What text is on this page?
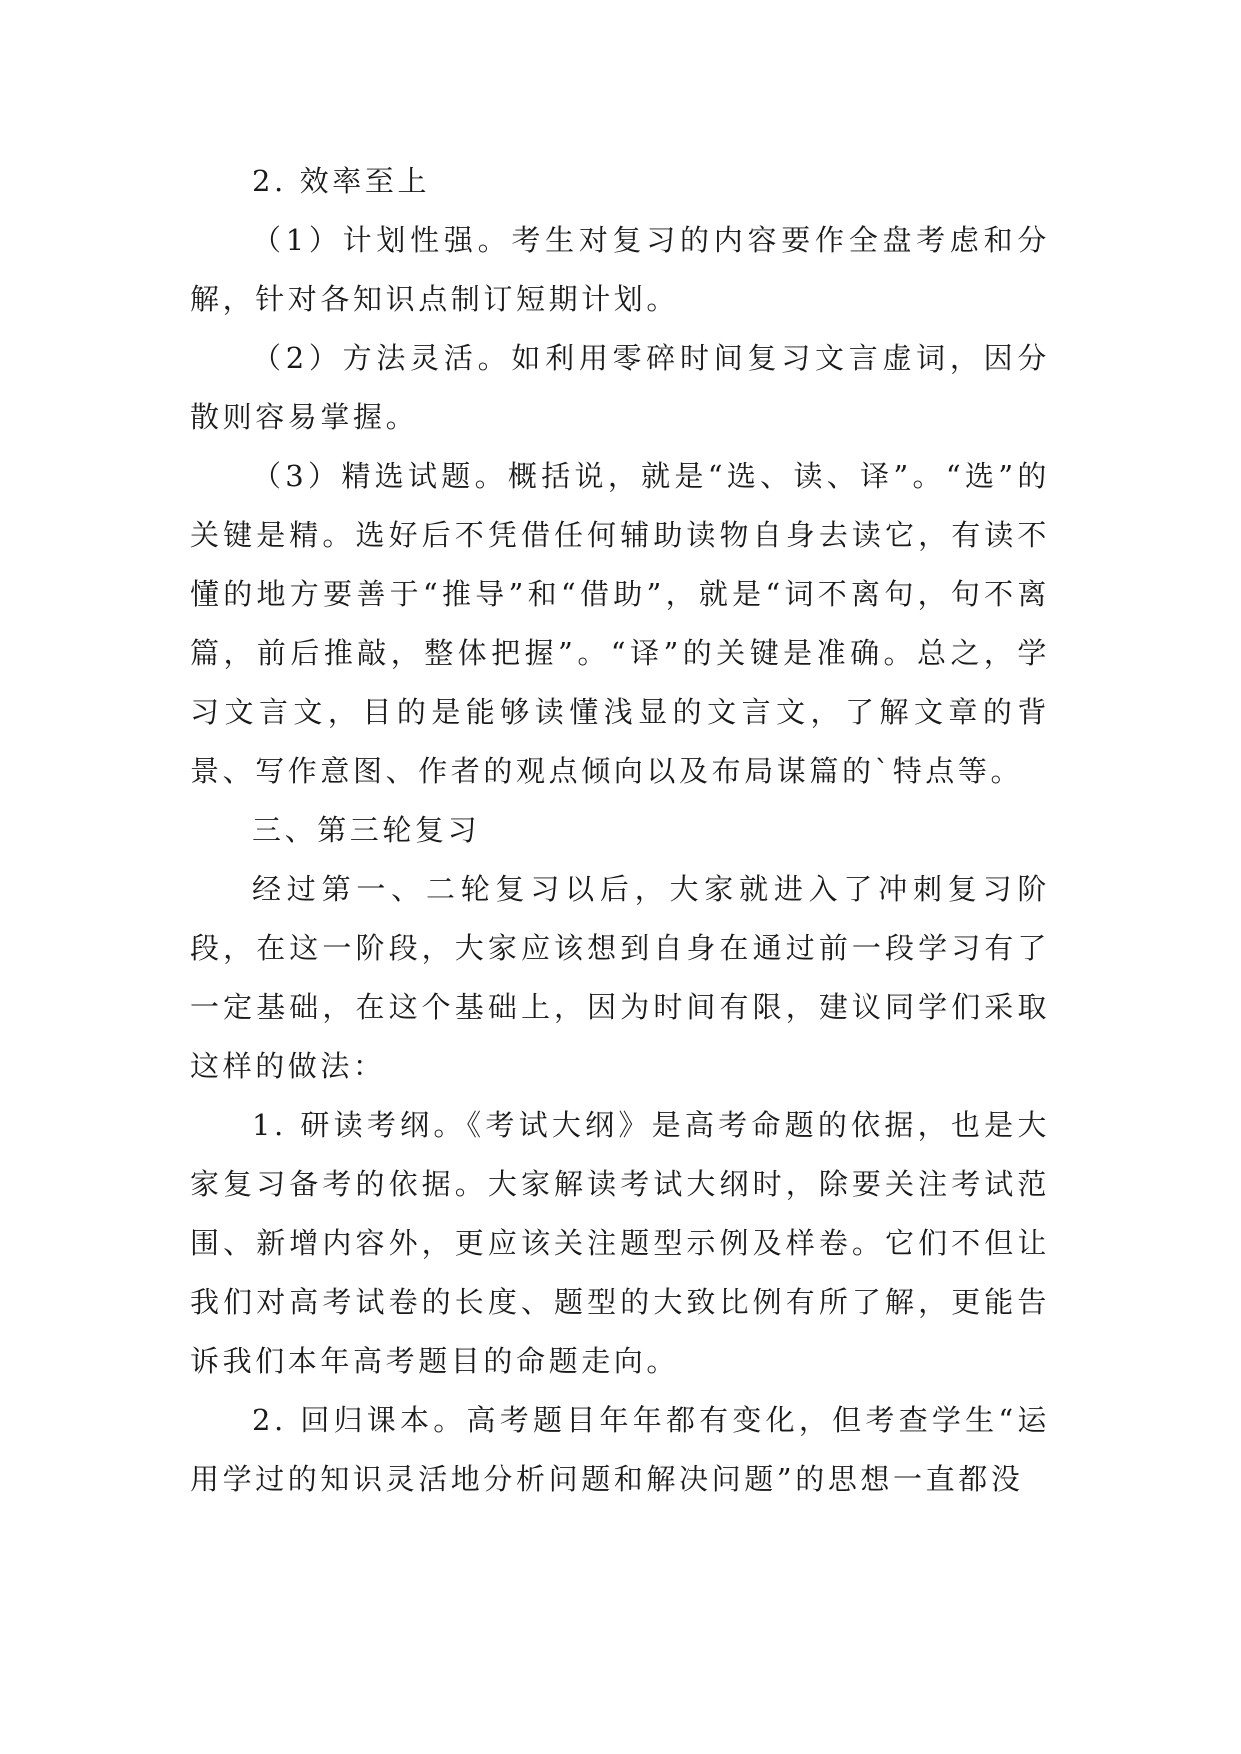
2. 效率至上

（1）计划性强。考生对复习的内容要作全盘考虑和分解，针对各知识点制订短期计划。

（2）方法灵活。如利用零碎时间复习文言虚词，因分散则容易掌握。

（3）精选试题。概括说，就是“选、读、译”。“选”的关键是精。选好后不凭借任何辅助读物自身去读它，有读不懂的地方要善于“推导”和“借助”，就是“词不离句，句不离篇，前后推敲，整体把握”。“译”的关键是准确。总之，学习文言文，目的是能够读懂浅显的文言文，了解文章的背景、写作意图、作者的观点倾向以及布局谋篇的`特点等。

三、第三轮复习

经过第一、二轮复习以后，大家就进入了冲刺复习阶段，在这一阶段，大家应该想到自身在通过前一段学习有了一定基础，在这个基础上，因为时间有限，建议同学们采取这样的做法：

1. 研读考纲。《考试大纲》是高考命题的依据，也是大家复习备考的依据。大家解读考试大纲时，除要关注考试范围、新增内容外，更应该关注题型示例及样卷。它们不但让我们对高考试卷的长度、题型的大致比例有所了解，更能告诉我们本年高考题目的命题走向。

2. 回归课本。高考题目年年都有变化，但考查学生“运用学过的知识灵活地分析问题和解决问题”的思想一直都没
